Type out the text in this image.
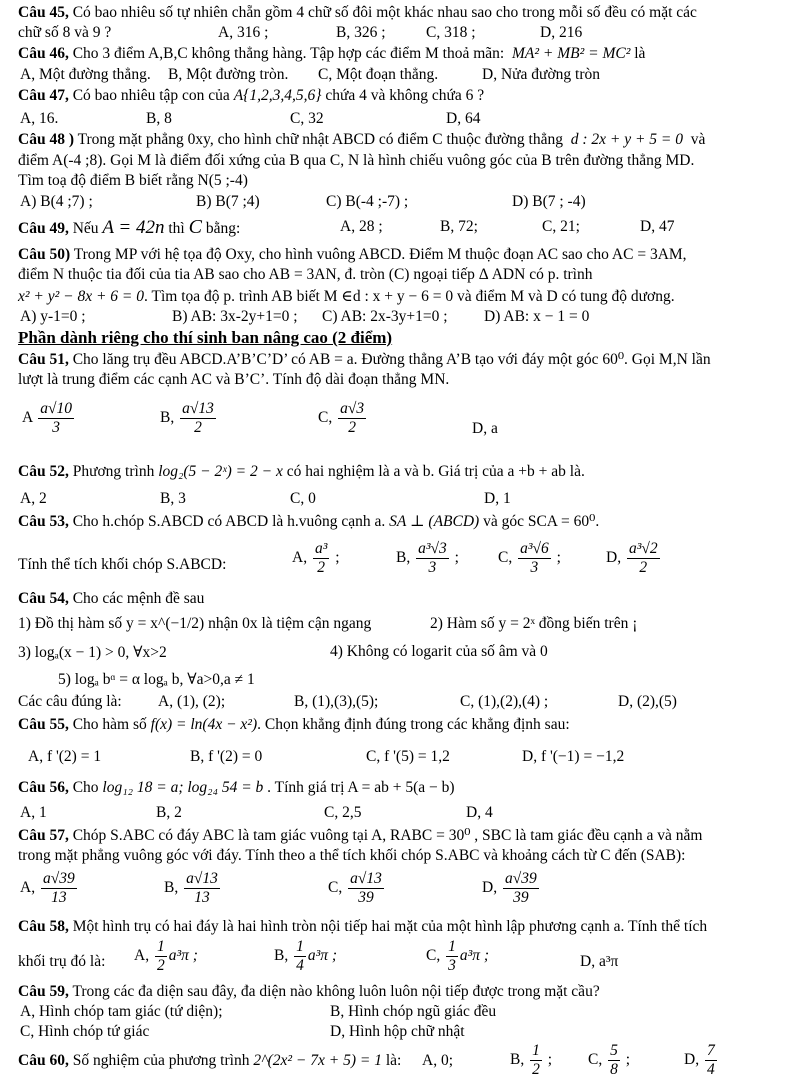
Câu 45, Có bao nhiêu số tự nhiên chẵn gồm 4 chữ số đôi một khác nhau sao cho trong mỗi số đều có mặt các
chữ số 8 và 9 ?	A, 316 ;	B, 326 ;	C, 318 ;	D, 216
Câu 46, Cho 3 điểm A,B,C không thẳng hàng. Tập hợp các điểm M thoả mãn: MA² + MB² = MC² là
A, Một đường thẳng. B, Một đường tròn. C, Một đoạn thẳng.	D, Nửa đường tròn
Câu 47, Có bao nhiêu tập con của A{1,2,3,4,5,6} chứa 4 và không chứa 6 ?
A, 16.	B, 8	C, 32	D, 64
Câu 48 ) Trong mặt phẳng 0xy, cho hình chữ nhật ABCD có điểm C thuộc đường thẳng d : 2x + y + 5 = 0 và
điểm A(-4 ;8). Gọi M là điểm đối xứng của B qua C, N là hình chiếu vuông góc của B trên đường thẳng MD.
Tìm toạ độ điểm B biết rằng N(5 ;-4)
A) B(4 ;7) ;	B) B(7 ;4)	C) B(-4 ;-7) ;	D) B(7 ; -4)
Câu 49, Nếu A = 42n thì C bằng:	A, 28 ;	B, 72;	C, 21;	D, 47
Câu 50) Trong MP với hệ tọa độ Oxy, cho hình vuông ABCD. Điểm M thuộc đoạn AC sao cho AC = 3AM,
điểm N thuộc tia đối của tia AB sao cho AB = 3AN, đ. tròn (C) ngoại tiếp Δ ADN có p. trình
x² + y² − 8x + 6 = 0. Tìm tọa độ p. trình AB biết M ∈d : x + y − 6 = 0 và điểm M và D có tung độ dương.
A) y-1=0 ;	B) AB: 3x-2y+1=0 ; C) AB: 2x-3y+1=0 ; D) AB: x − 1 = 0
Phần dành riêng cho thí sinh ban nâng cao (2 điểm)
Câu 51, Cho lăng trụ đều ABCD.A’B’C’D’ có AB = a. Đường thẳng A’B tạo với đáy một góc 60⁰. Gọi M,N lần
lượt là trung điểm các cạnh AC và B’C’. Tính độ dài đoạn thẳng MN.
A $\frac{a√10}{3}$	B, $\frac{a√13}{2}$	C, $\frac{a√3}{2}$	D, a
Câu 52, Phương trình log₂(5 − 2ˣ) = 2 − x có hai nghiệm là a và b. Giá trị của a +b + ab là.
A, 2	B, 3	C, 0	D, 1
Câu 53, Cho h.chóp S.ABCD có ABCD là h.vuông cạnh a. SA ⊥ (ABCD) và góc SCA = 60⁰.
Tính thể tích khối chóp S.ABCD:	A, $\frac{\text{a³}}{2}$ ;	B, $\frac{\text{a³√3}}{3}$ ;	C, $\frac{\text{a³√6}}{3}$ ;	D, $\frac{\text{a³√2}}{2}$
Câu 54, Cho các mệnh đề sau
1) Đồ thị hàm số y = x^(−1/2) nhận 0x là tiệm cận ngang	2) Hàm số y = 2ˣ đồng biến trên ¡
3) logₐ(x − 1) > 0, ∀x>2	4) Không có logarit của số âm và 0
5) logₐ bᵅ = α logₐ b, ∀a>0,a ≠ 1
Các câu đúng là: A, (1), (2);	B, (1),(3),(5);	C, (1),(2),(4) ;	D, (2),(5)
Câu 55, Cho hàm số f(x) = ln(4x − x²). Chọn khẳng định đúng trong các khẳng định sau:
A, f '(2) = 1	B, f '(2) = 0	C, f '(5) = 1,2	D, f '(−1) = −1,2
Câu 56, Cho log₁₂ 18 = a; log₂₄ 54 = b . Tính giá trị A = ab + 5(a − b)
A, 1	B, 2	C, 2,5	D, 4
Câu 57, Chóp S.ABC có đáy ABC là tam giác vuông tại A, RABC = 30⁰ , SBC là tam giác đều cạnh a và nằm
trong mặt phẳng vuông góc với đáy. Tính theo a thể tích khối chóp S.ABC và khoảng cách từ C đến (SAB):
A, $\frac{a√39}{13}$	B, $\frac{a√13}{13}$	C, $\frac{a√13}{39}$	D, $\frac{a√39}{39}$
Câu 58, Một hình trụ có hai đáy là hai hình tròn nội tiếp hai mặt của một hình lập phương cạnh a. Tính thể tích
khối trụ đó là: A, $\frac{1}{2} a^3\pi$ ;	B, $\frac{1}{4} a^3\pi$ ;	C, $\frac{1}{3} a^3\pi$ ;	D, a³π
Câu 59, Trong các đa diện sau đây, đa diện nào không luôn luôn nội tiếp được trong mặt cầu?
A, Hình chóp tam giác (tứ diện);	B, Hình chóp ngũ giác đều
C, Hình chóp tứ giác	D, Hình hộp chữ nhật
Câu 60, Số nghiệm của phương trình 2^(2x² − 7x + 5) = 1 là: A, 0;	B, $\frac{1}{2}$ ; C, $\frac{5}{8}$ ;	D, $\frac{7}{4}$
